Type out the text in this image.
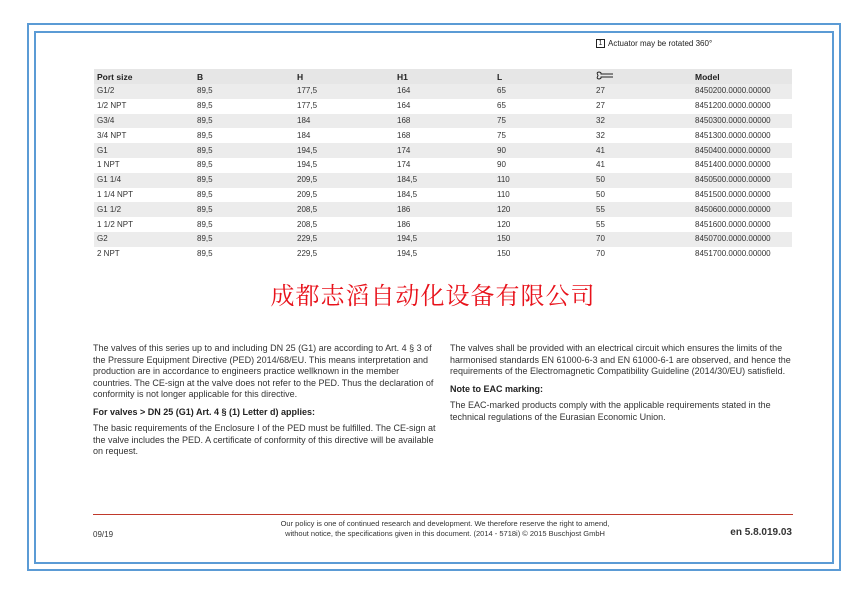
1 Actuator may be rotated 360°
Port size	B	H	H1	L		Model
G1/2	89,5	177,5	164	65	27	8450200.0000.00000
1/2 NPT	89,5	177,5	164	65	27	8451200.0000.00000
G3/4	89,5	184	168	75	32	8450300.0000.00000
3/4 NPT	89,5	184	168	75	32	8451300.0000.00000
G1	89,5	194,5	174	90	41	8450400.0000.00000
1 NPT	89,5	194,5	174	90	41	8451400.0000.00000
G1 1/4	89,5	209,5	184,5	110	50	8450500.0000.00000
1 1/4 NPT	89,5	209,5	184,5	110	50	8451500.0000.00000
G1 1/2	89,5	208,5	186	120	55	8450600.0000.00000
1 1/2 NPT	89,5	208,5	186	120	55	8451600.0000.00000
G2	89,5	229,5	194,5	150	70	8450700.0000.00000
2 NPT	89,5	229,5	194,5	150	70	8451700.0000.00000
成都志滔自动化设备有限公司

The valves of this series up to and including DN 25 (G1) are according to Art. 4 § 3 of the Pressure Equipment Directive (PED) 2014/68/EU. This means interpretation and production are in accordance to engineers practice wellknown in the member countries. The CE-sign at the valve does not refer to the PED. Thus the declaration of conformity is not longer applicable for this directive.

For valves > DN 25 (G1) Art. 4 § (1) Letter d) applies:

The basic requirements of the Enclosure I of the PED must be fulfilled. The CE-sign at the valve includes the PED. A certificate of conformity of this directive will be available on request.

The valves shall be provided with an electrical circuit which ensures the limits of the harmonised standards EN 61000-6-3 and EN 61000-6-1 are observed, and hence the requirements of the Electromagnetic Compatibility Guideline (2014/30/EU) satisfield.

Note to EAC marking:

The EAC-marked products comply with the applicable requirements stated in the technical regulations of the Eurasian Economic Union.

09/19
Our policy is one of continued research and development. We therefore reserve the right to amend,
without notice, the specifications given in this document. (2014 - 5718i) © 2015 Buschjost GmbH	en 5.8.019.03
